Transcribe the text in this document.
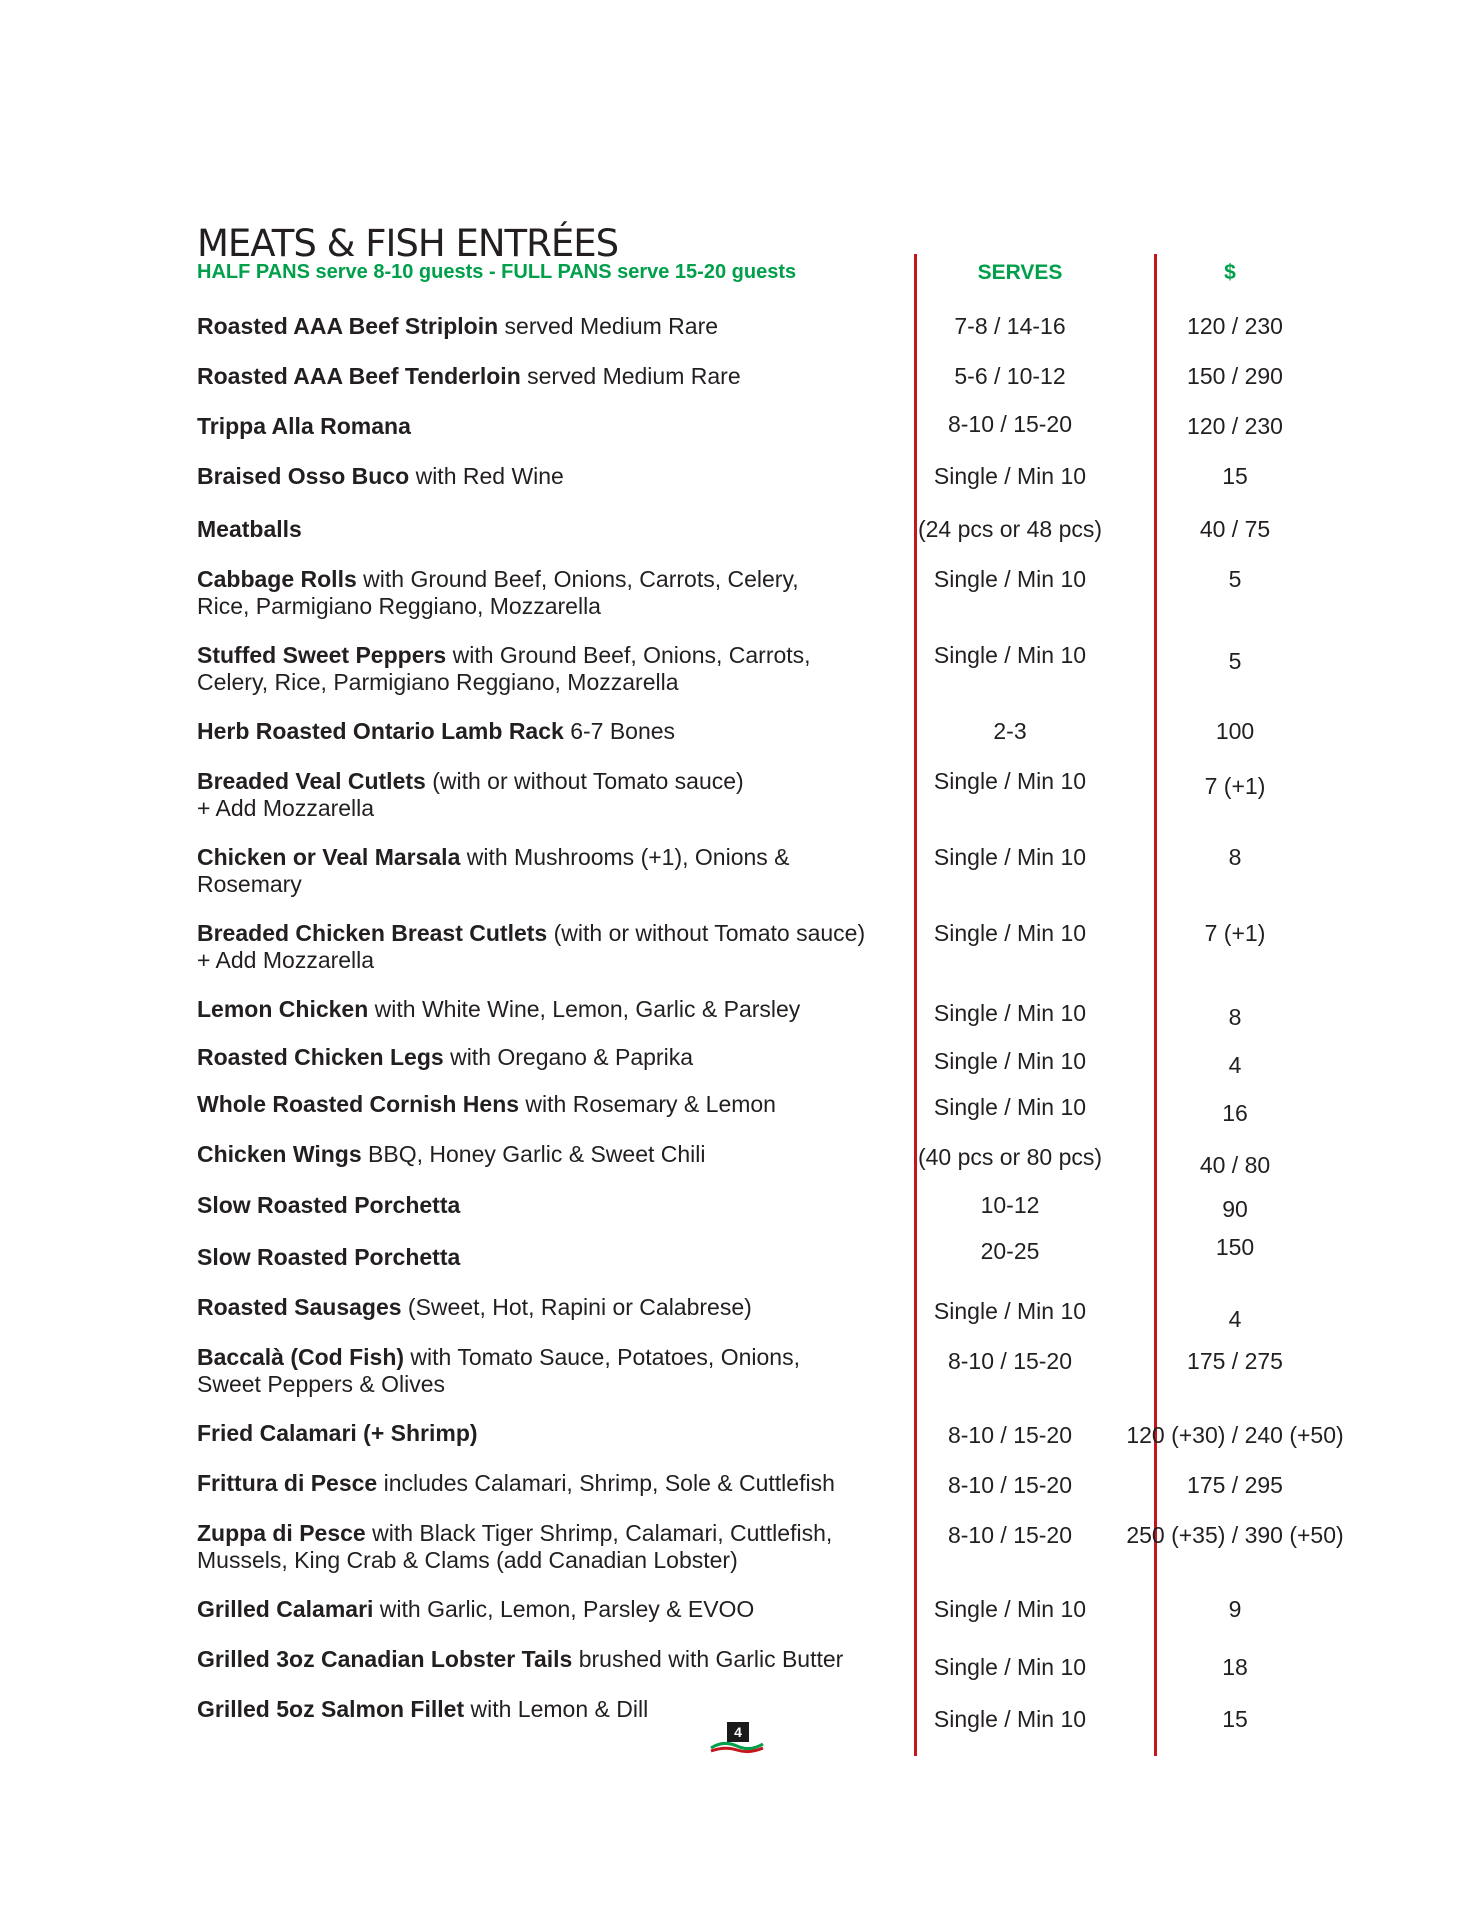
MEATS & FISH ENTRÉES
HALF PANS serve 8-10 guests - FULL PANS serve 15-20 guests	SERVES	$
Roasted AAA Beef Striploin served Medium Rare	7-8 / 14-16	120 / 230
Roasted AAA Beef Tenderloin served Medium Rare	5-6 / 10-12	150 / 290
Trippa Alla Romana	8-10 / 15-20	120 / 230
Braised Osso Buco with Red Wine	Single / Min 10	15
Meatballs	(24 pcs or 48 pcs)	40 / 75
Cabbage Rolls with Ground Beef, Onions, Carrots, Celery,
Rice, Parmigiano Reggiano, Mozzarella
Single / Min 10	5
Stuffed Sweet Peppers with Ground Beef, Onions, Carrots,
Celery, Rice, Parmigiano Reggiano, Mozzarella
Single / Min 10	5
Herb Roasted Ontario Lamb Rack 6-7 Bones	2-3	100
Breaded Veal Cutlets (with or without Tomato sauce)
+ Add Mozzarella
Single / Min 10	7 (+1)
Chicken or Veal Marsala with Mushrooms (+1), Onions &
Rosemary
Single / Min 10	8
Breaded Chicken Breast Cutlets (with or without Tomato sauce)
+ Add Mozzarella
Single / Min 10	7 (+1)
Lemon Chicken with White Wine, Lemon, Garlic & Parsley	Single / Min 10	8
Roasted Chicken Legs with Oregano & Paprika	Single / Min 10	4
Whole Roasted Cornish Hens with Rosemary & Lemon	Single / Min 10	16
Chicken Wings BBQ, Honey Garlic & Sweet Chili	(40 pcs or 80 pcs)	40 / 80
Slow Roasted Porchetta	10-12	90
Slow Roasted Porchetta	20-25	150
Roasted Sausages (Sweet, Hot, Rapini or Calabrese)	Single / Min 10	4
Baccalà (Cod Fish) with Tomato Sauce, Potatoes, Onions,
Sweet Peppers & Olives
8-10 / 15-20	175 / 275
Fried Calamari (+ Shrimp)	8-10 / 15-20	120 (+30) / 240 (+50)
Frittura di Pesce includes Calamari, Shrimp, Sole & Cuttlefish	8-10 / 15-20	175 / 295
Zuppa di Pesce with Black Tiger Shrimp, Calamari, Cuttlefish,
Mussels, King Crab & Clams (add Canadian Lobster)
8-10 / 15-20	250 (+35) / 390 (+50)
Grilled Calamari with Garlic, Lemon, Parsley & EVOO	Single / Min 10	9
Grilled 3oz Canadian Lobster Tails brushed with Garlic Butter	Single / Min 10	18
Grilled 5oz Salmon Fillet with Lemon & Dill	Single / Min 10	15
4
